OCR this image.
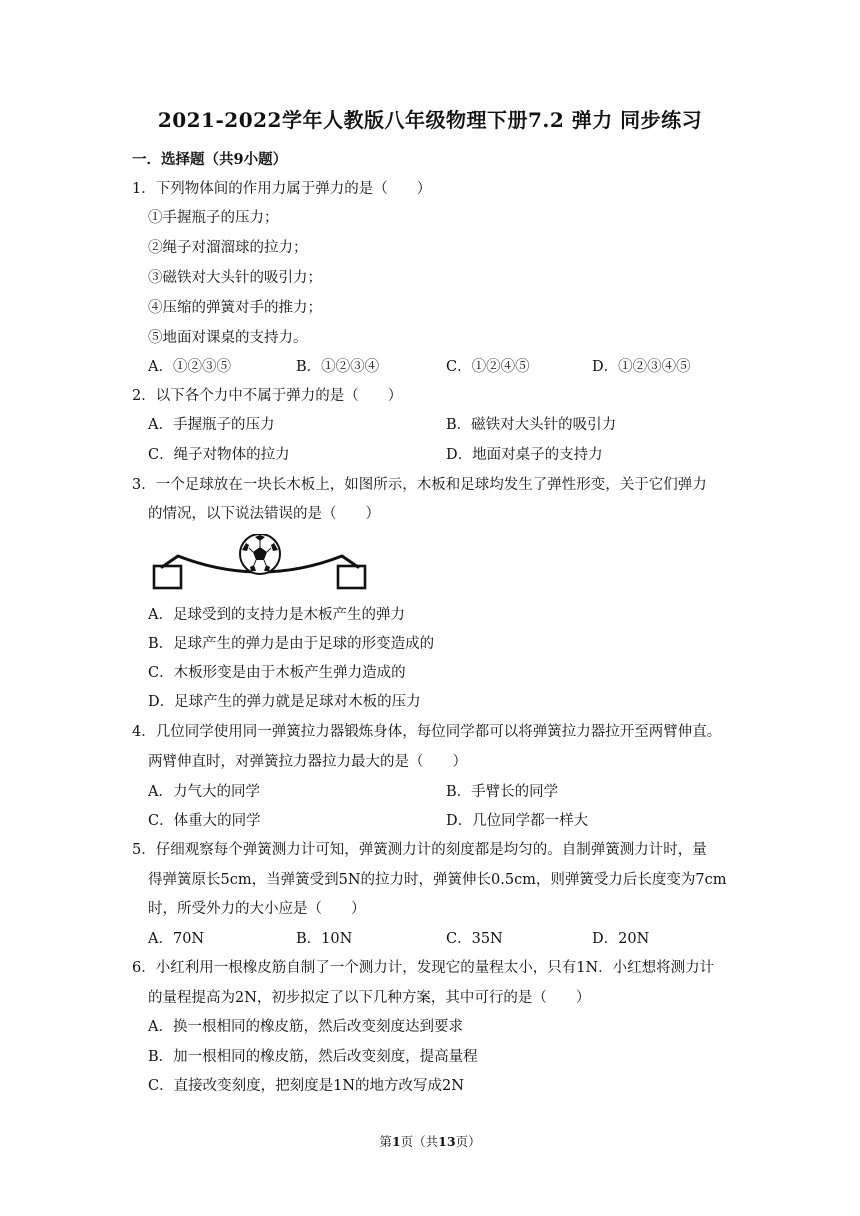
2021-2022学年人教版八年级物理下册7.2 弹力 同步练习
一．选择题（共9小题）
1．下列物体间的作用力属于弹力的是（　　）
①手握瓶子的压力；
②绳子对溜溜球的拉力；
③磁铁对大头针的吸引力；
④压缩的弹簧对手的推力；
⑤地面对课桌的支持力。
A．①②③⑤	B．①②③④	C．①②④⑤	D．①②③④⑤
2．以下各个力中不属于弹力的是（　　）
A．手握瓶子的压力	B．磁铁对大头针的吸引力
C．绳子对物体的拉力	D．地面对桌子的支持力
3．一个足球放在一块长木板上，如图所示，木板和足球均发生了弹性形变，关于它们弹力
的情况，以下说法错误的是（　　）
A．足球受到的支持力是木板产生的弹力
B．足球产生的弹力是由于足球的形变造成的
C．木板形变是由于木板产生弹力造成的
D．足球产生的弹力就是足球对木板的压力
4．几位同学使用同一弹簧拉力器锻炼身体，每位同学都可以将弹簧拉力器拉开至两臂伸直。
两臂伸直时，对弹簧拉力器拉力最大的是（　　）
A．力气大的同学	B．手臂长的同学
C．体重大的同学	D．几位同学都一样大
5．仔细观察每个弹簧测力计可知，弹簧测力计的刻度都是均匀的。自制弹簧测力计时，量
得弹簧原长5cm，当弹簧受到5N的拉力时，弹簧伸长0.5cm，则弹簧受力后长度变为7cm
时，所受外力的大小应是（　　）
A．70N	B．10N	C．35N	D．20N
6．小红利用一根橡皮筋自制了一个测力计，发现它的量程太小，只有1N．小红想将测力计
的量程提高为2N，初步拟定了以下几种方案，其中可行的是（　　）
A．换一根相同的橡皮筋，然后改变刻度达到要求
B．加一根相同的橡皮筋，然后改变刻度，提高量程
C．直接改变刻度，把刻度是1N的地方改写成2N
第1页（共13页）
